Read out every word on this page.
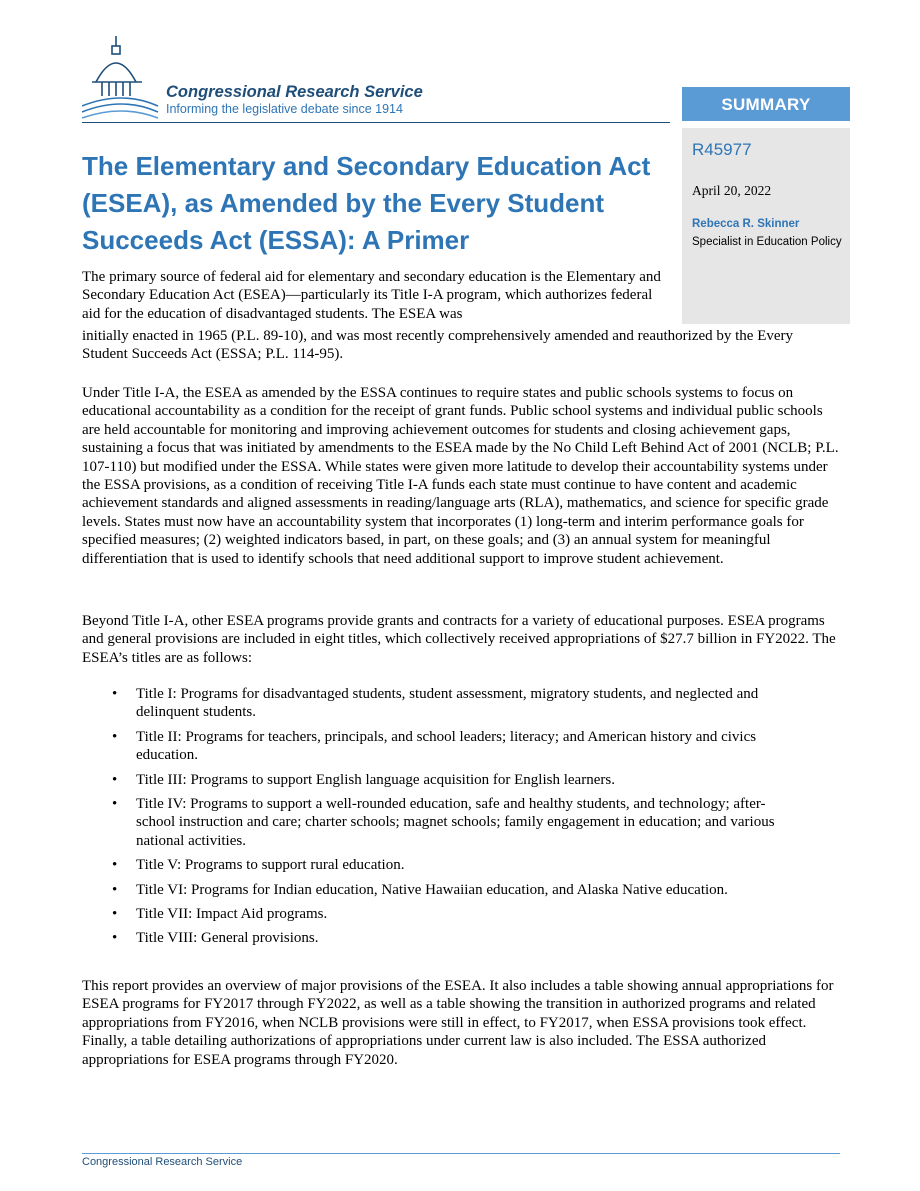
Congressional Research Service
Informing the legislative debate since 1914	SUMMARY
R45977
April 20, 2022
Rebecca R. Skinner
Specialist in Education Policy
The Elementary and Secondary Education Act (ESEA), as Amended by the Every Student Succeeds Act (ESSA): A Primer

The primary source of federal aid for elementary and secondary education is the Elementary and Secondary Education Act (ESEA)—particularly its Title I-A program, which authorizes federal aid for the education of disadvantaged students. The ESEA was

initially enacted in 1965 (P.L. 89-10), and was most recently comprehensively amended and reauthorized by the Every Student Succeeds Act (ESSA; P.L. 114-95).

Under Title I-A, the ESEA as amended by the ESSA continues to require states and public schools systems to focus on educational accountability as a condition for the receipt of grant funds. Public school systems and individual public schools are held accountable for monitoring and improving achievement outcomes for students and closing achievement gaps, sustaining a focus that was initiated by amendments to the ESEA made by the No Child Left Behind Act of 2001 (NCLB; P.L. 107-110) but modified under the ESSA. While states were given more latitude to develop their accountability systems under the ESSA provisions, as a condition of receiving Title I-A funds each state must continue to have content and academic achievement standards and aligned assessments in reading/language arts (RLA), mathematics, and science for specific grade levels. States must now have an accountability system that incorporates (1) long-term and interim performance goals for specified measures; (2) weighted indicators based, in part, on these goals; and (3) an annual system for meaningful differentiation that is used to identify schools that need additional support to improve student achievement.

Beyond Title I-A, other ESEA programs provide grants and contracts for a variety of educational purposes. ESEA programs and general provisions are included in eight titles, which collectively received appropriations of $27.7 billion in FY2022. The ESEA’s titles are as follows:

• Title I: Programs for disadvantaged students, student assessment, migratory students, and neglected and delinquent students.
• Title II: Programs for teachers, principals, and school leaders; literacy; and American history and civics education.
• Title III: Programs to support English language acquisition for English learners.
• Title IV: Programs to support a well-rounded education, safe and healthy students, and technology; after-school instruction and care; charter schools; magnet schools; family engagement in education; and various national activities.
• Title V: Programs to support rural education.
• Title VI: Programs for Indian education, Native Hawaiian education, and Alaska Native education.
• Title VII: Impact Aid programs.
• Title VIII: General provisions.

This report provides an overview of major provisions of the ESEA. It also includes a table showing annual appropriations for ESEA programs for FY2017 through FY2022, as well as a table showing the transition in authorized programs and related appropriations from FY2016, when NCLB provisions were still in effect, to FY2017, when ESSA provisions took effect. Finally, a table detailing authorizations of appropriations under current law is also included. The ESSA authorized appropriations for ESEA programs through FY2020.

Congressional Research Service
